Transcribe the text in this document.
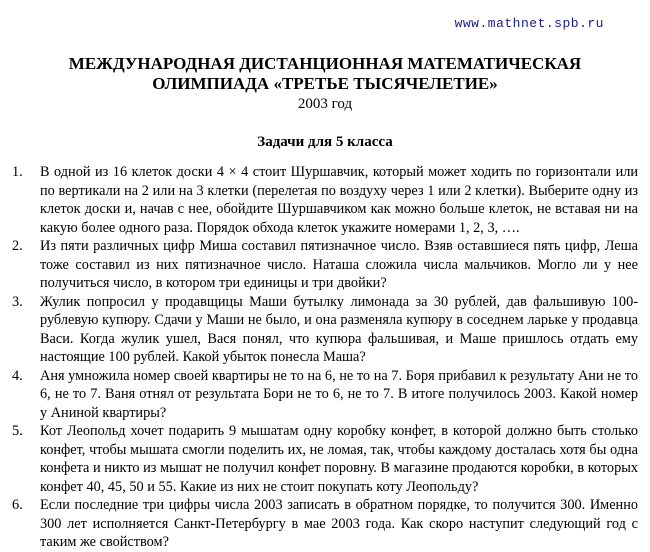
www.mathnet.spb.ru
МЕЖДУНАРОДНАЯ ДИСТАНЦИОННАЯ МАТЕМАТИЧЕСКАЯ
ОЛИМПИАДА «ТРЕТЬЕ ТЫСЯЧЕЛЕТИЕ»
2003 год
Задачи для 5 класса
1. В одной из 16 клеток доски 4 × 4 стоит Шуршавчик, который может ходить по горизонтали или по вертикали на 2 или на 3 клетки (перелетая по воздуху через 1 или 2 клетки). Выберите одну из клеток доски и, начав с нее, обойдите Шуршавчиком как можно больше клеток, не вставая ни на какую более одного раза. Порядок обхода клеток укажите номерами 1, 2, 3, ….
2. Из пяти различных цифр Миша составил пятизначное число. Взяв оставшиеся пять цифр, Леша тоже составил из них пятизначное число. Наташа сложила числа мальчиков. Могло ли у нее получиться число, в котором три единицы и три двойки?
3. Жулик попросил у продавщицы Маши бутылку лимонада за 30 рублей, дав фальшивую 100-рублевую купюру. Сдачи у Маши не было, и она разменяла купюру в соседнем ларьке у продавца Васи. Когда жулик ушел, Вася понял, что купюра фальшивая, и Маше пришлось отдать ему настоящие 100 рублей. Какой убыток понесла Маша?
4. Аня умножила номер своей квартиры не то на 6, не то на 7. Боря прибавил к результату Ани не то 6, не то 7. Ваня отнял от результата Бори не то 6, не то 7. В итоге получилось 2003. Какой номер у Аниной квартиры?
5. Кот Леопольд хочет подарить 9 мышатам одну коробку конфет, в которой должно быть столько конфет, чтобы мышата смогли поделить их, не ломая, так, чтобы каждому досталась хотя бы одна конфета и никто из мышат не получил конфет поровну. В магазине продаются коробки, в которых конфет 40, 45, 50 и 55. Какие из них не стоит покупать коту Леопольду?
6. Если последние три цифры числа 2003 записать в обратном порядке, то получится 300. Именно 300 лет исполняется Санкт-Петербургу в мае 2003 года. Как скоро наступит следующий год с таким же свойством?
